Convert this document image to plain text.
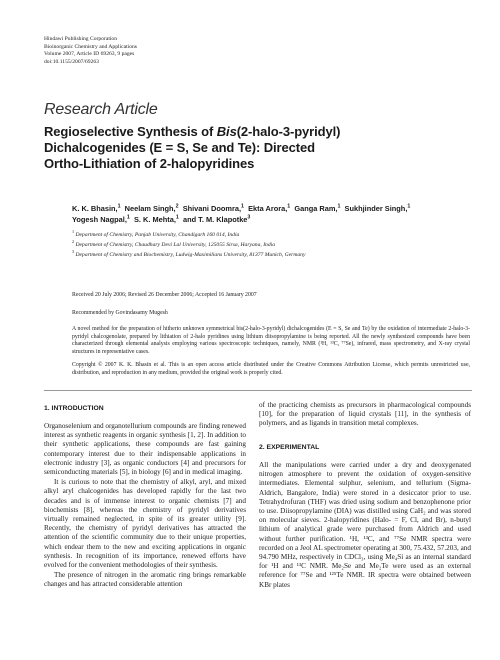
Hindawi Publishing Corporation
Bioinorganic Chemistry and Applications
Volume 2007, Article ID 69263, 9 pages
doi:10.1155/2007/69263
Research Article
Regioselective Synthesis of Bis(2-halo-3-pyridyl)
Dichalcogenides (E = S, Se and Te): Directed
Ortho-Lithiation of 2-halopyridines
K. K. Bhasin,$^1$ Neelam Singh,$^2$ Shivani Doomra,$^1$ Ekta Arora,$^1$ Ganga Ram,$^1$ Sukhjinder Singh,$^1$
Yogesh Nagpal,$^1$ S. K. Mehta,$^1$ and T. M. Klapotke$^3$
$^1$ Department of Chemistry, Panjab University, Chandigarh 160 014, India
$^2$ Department of Chemistry, Chaudhary Devi Lal University, 125055 Sirsa, Haryana, India
$^3$ Department of Chemistry and Biochemistry, Ludwig-Maximilians University, 81377 Munich, Germany
Received 20 July 2006; Revised 26 December 2006; Accepted 16 January 2007
Recommended by Govindasamy Mugesh
A novel method for the preparation of hitherto unknown symmetrical bis(2-halo-3-pyridyl) dichalcogenides (E = S, Se and Te) by the oxidation of intermediate 2-halo-3-pyridyl chalcogenolate, prepared by lithiation of 2-halo pyridines using lithium diisopropylamine is being reported. All the newly synthesized compounds have been characterized through elemental analysis employing various spectroscopic techniques, namely, NMR (¹H, ¹³C, ⁷⁷Se), infrared, mass spectrometry, and X-ray crystal structures in representative cases.
Copyright © 2007 K. K. Bhasin et al. This is an open access article distributed under the Creative Commons Attribution License, which permits unrestricted use, distribution, and reproduction in any medium, provided the original work is properly cited.
1. INTRODUCTION

Organoselenium and organotellurium compounds are finding renewed interest as synthetic reagents in organic synthesis [1, 2]. In addition to their synthetic applications, these compounds are fast gaining contemporary interest due to their indispensable applications in electronic industry [3], as organic conductors [4] and precursors for semiconducting materials [5], in biology [6] and in medical imaging.

It is curious to note that the chemistry of alkyl, aryl, and mixed alkyl aryl chalcogenides has developed rapidly for the last two decades and is of immense interest to organic chemists [7] and biochemists [8], whereas the chemistry of pyridyl derivatives virtually remained neglected, in spite of its greater utility [9]. Recently, the chemistry of pyridyl derivatives has attracted the attention of the scientific community due to their unique properties, which endear them to the new and exciting applications in organic synthesis. In recognition of its importance, renewed efforts have evolved for the convenient methodologies of their synthesis.

The presence of nitrogen in the aromatic ring brings remarkable changes and has attracted considerable attention

of the practicing chemists as precursors in pharmacological compounds [10], for the preparation of liquid crystals [11], in the synthesis of polymers, and as ligands in transition metal complexes.

2. EXPERIMENTAL

All the manipulations were carried under a dry and deoxygenated nitrogen atmosphere to prevent the oxidation of oxygen-sensitive intermediates. Elemental sulphur, selenium, and tellurium (Sigma-Aldrich, Bangalore, India) were stored in a desiccator prior to use. Tetrahydrofuran (THF) was dried using sodium and benzophenone prior to use. Diisopropylamine (DIA) was distilled using CaH₂ and was stored on molecular sieves. 2-halopyridines (Halo- = F, Cl, and Br), n-butyl lithium of analytical grade were purchased from Aldrich and used without further purification. ¹H, ¹³C, and ⁷⁷Se NMR spectra were recorded on a Jeol AL spectrometer operating at 300, 75.432, 57.203, and 94.790 MHz, respectively in CDCl₃, using Me₄Si as an internal standard for ¹H and ¹³C NMR. Me₂Se and Me₂Te were used as an external reference for ⁷⁷Se and ¹²⁵Te NMR. IR spectra were obtained between KBr plates
